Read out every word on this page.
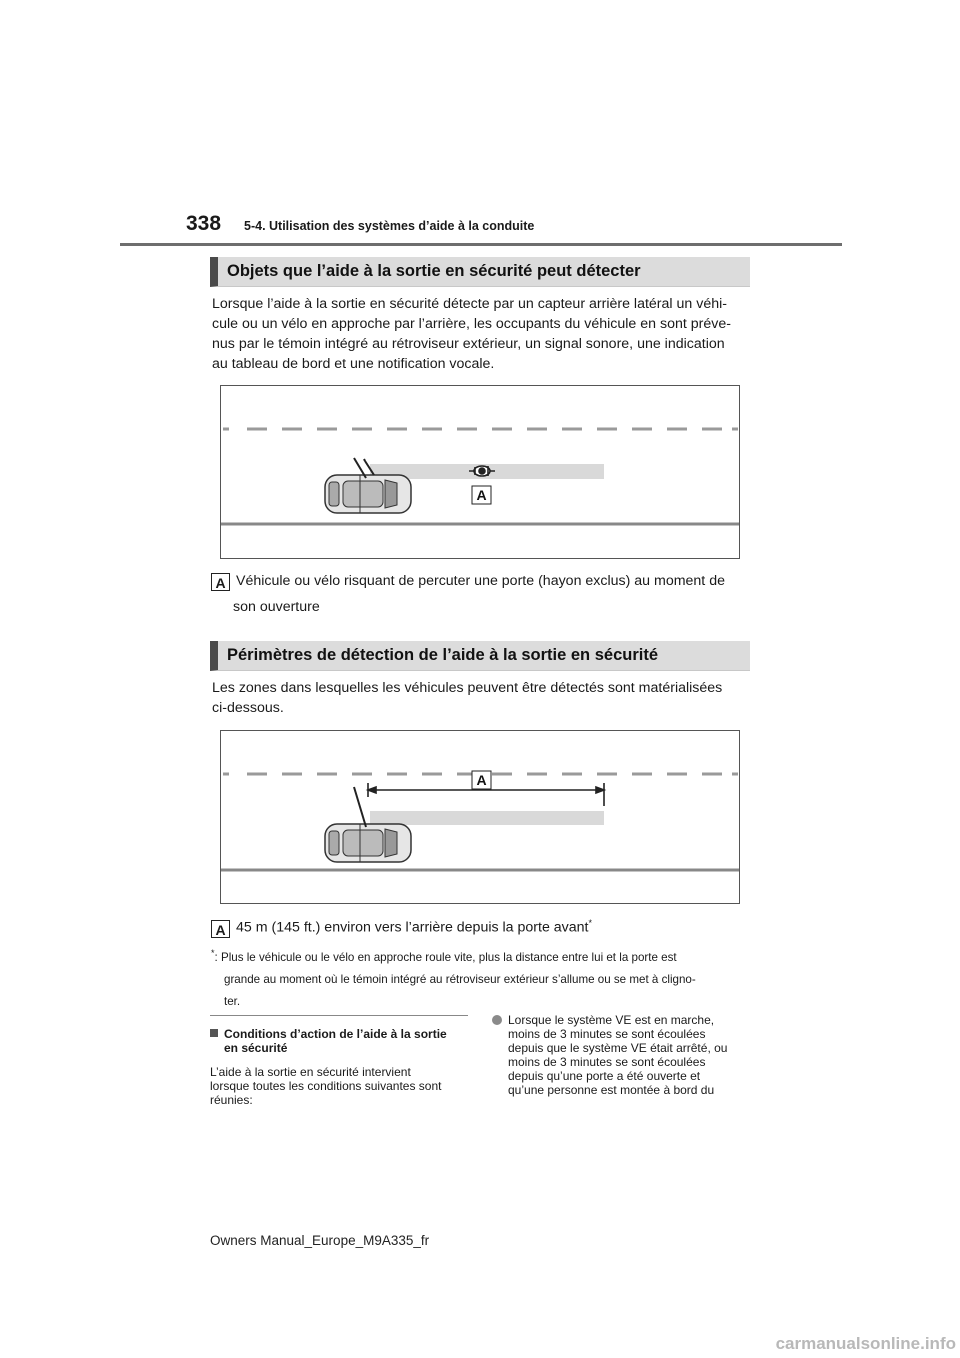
338 5-4. Utilisation des systèmes d’aide à la conduite
Objets que l’aide à la sortie en sécurité peut détecter
Lorsque l’aide à la sortie en sécurité détecte par un capteur arrière latéral un véhi-
cule ou un vélo en approche par l’arrière, les occupants du véhicule en sont préve-
nus par le témoin intégré au rétroviseur extérieur, un signal sonore, une indication
au tableau de bord et une notification vocale.
A
A Véhicule ou vélo risquant de percuter une porte (hayon exclus) au moment de
son ouverture
Périmètres de détection de l’aide à la sortie en sécurité
Les zones dans lesquelles les véhicules peuvent être détectés sont matérialisées
ci-dessous.
A
A 45 m (145 ft.) environ vers l’arrière depuis la porte avant*
*: Plus le véhicule ou le vélo en approche roule vite, plus la distance entre lui et la porte est
grande au moment où le témoin intégré au rétroviseur extérieur s’allume ou se met à cligno-
ter.
Conditions d’action de l’aide à la sortie
en sécurité

L’aide à la sortie en sécurité intervient
lorsque toutes les conditions suivantes sont
réunies:

Lorsque le système VE est en marche,
moins de 3 minutes se sont écoulées
depuis que le système VE était arrêté, ou
moins de 3 minutes se sont écoulées
depuis qu’une porte a été ouverte et
qu’une personne est montée à bord du
Owners Manual_Europe_M9A335_fr
carmanualsonline.info
